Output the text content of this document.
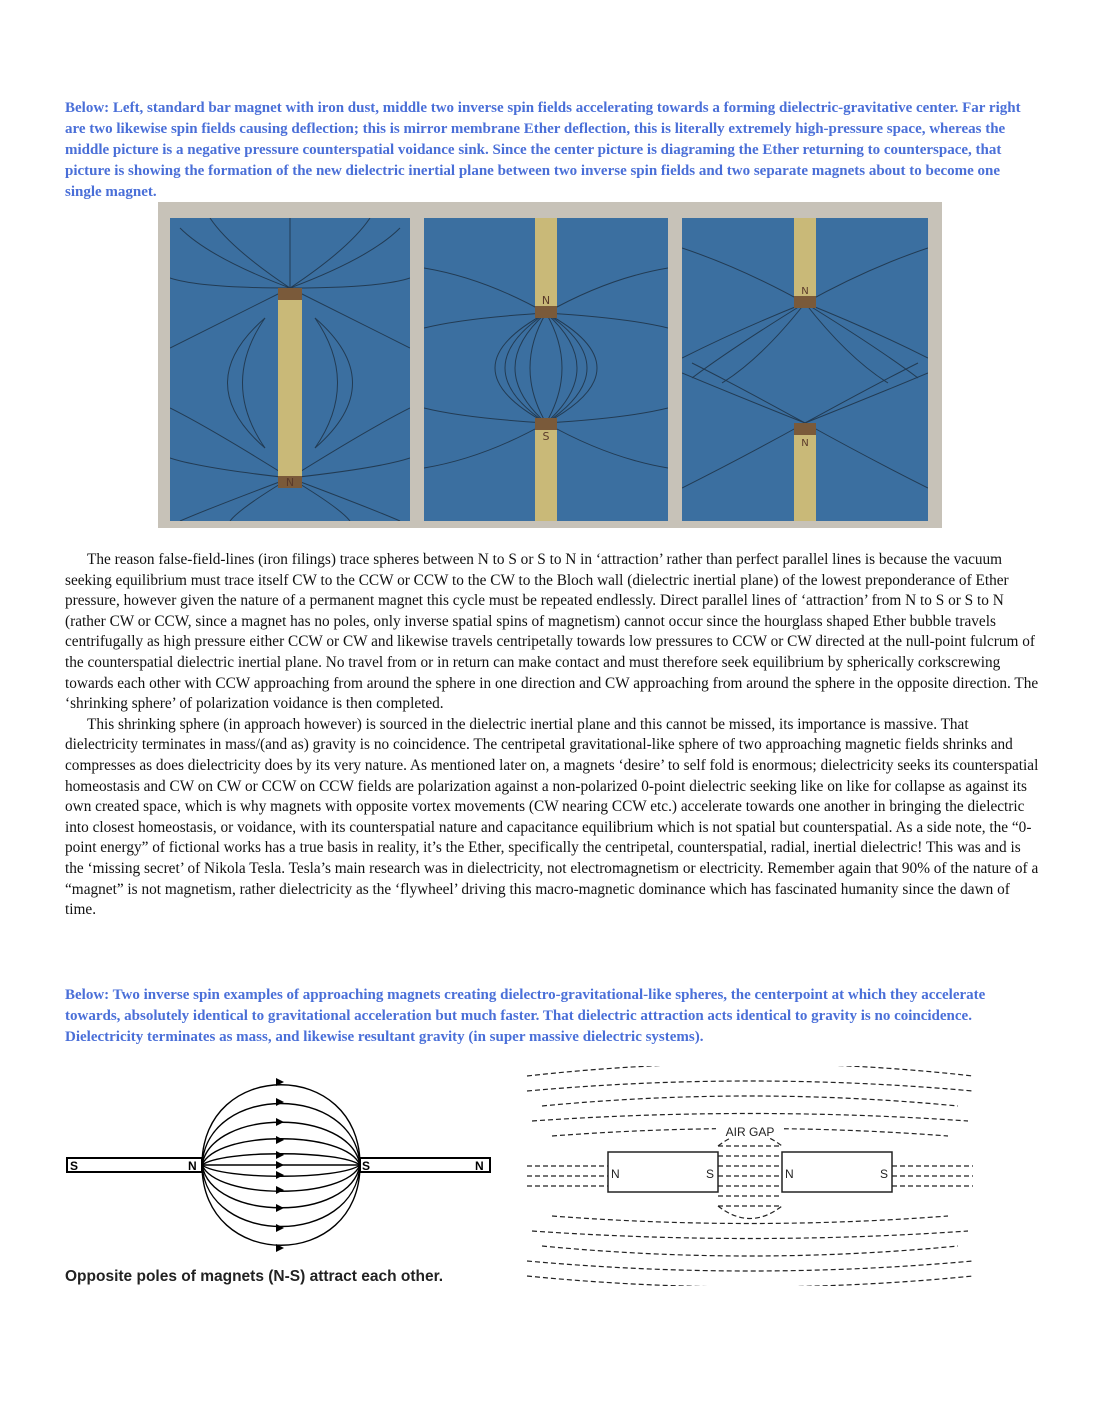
Below: Left, standard bar magnet with iron dust, middle two inverse spin fields accelerating towards a forming dielectric-gravitative center. Far right are two likewise spin fields causing deflection; this is mirror membrane Ether deflection, this is literally extremely high-pressure space, whereas the middle picture is a negative pressure counterspatial voidance sink. Since the center picture is diagraming the Ether returning to counterspace, that picture is showing the formation of the new dielectric inertial plane between two inverse spin fields and two separate magnets about to become one single magnet.

N
N
S
N
N

The reason false-field-lines (iron filings) trace spheres between N to S or S to N in ‘attraction’ rather than perfect parallel lines is because the vacuum seeking equilibrium must trace itself CW to the CCW or CCW to the CW to the Bloch wall (dielectric inertial plane) of the lowest preponderance of Ether pressure, however given the nature of a permanent magnet this cycle must be repeated endlessly. Direct parallel lines of ‘attraction’ from N to S or S to N (rather CW or CCW, since a magnet has no poles, only inverse spatial spins of magnetism) cannot occur since the hourglass shaped Ether bubble travels centrifugally as high pressure either CCW or CW and likewise travels centripetally towards low pressures to CCW or CW directed at the null-point fulcrum of the counterspatial dielectric inertial plane. No travel from or in return can make contact and must therefore seek equilibrium by spherically corkscrewing towards each other with CCW approaching from around the sphere in one direction and CW approaching from around the sphere in the opposite direction. The ‘shrinking sphere’ of polarization voidance is then completed.

This shrinking sphere (in approach however) is sourced in the dielectric inertial plane and this cannot be missed, its importance is massive. That dielectricity terminates in mass/(and as) gravity is no coincidence. The centripetal gravitational-like sphere of two approaching magnetic fields shrinks and compresses as does dielectricity does by its very nature. As mentioned later on, a magnets ‘desire’ to self fold is enormous; dielectricity seeks its counterspatial homeostasis and CW on CW or CCW on CCW fields are polarization against a non-polarized 0-point dielectric seeking like on like for collapse as against its own created space, which is why magnets with opposite vortex movements (CW nearing CCW etc.) accelerate towards one another in bringing the dielectric into closest homeostasis, or voidance, with its counterspatial nature and capacitance equilibrium which is not spatial but counterspatial. As a side note, the “0-point energy” of fictional works has a true basis in reality, it’s the Ether, specifically the centripetal, counterspatial, radial, inertial dielectric! This was and is the ‘missing secret’ of Nikola Tesla. Tesla’s main research was in dielectricity, not electromagnetism or electricity. Remember again that 90% of the nature of a “magnet” is not magnetism, rather dielectricity as the ‘flywheel’ driving this macro-magnetic dominance which has fascinated humanity since the dawn of time.

Below: Two inverse spin examples of approaching magnets creating dielectro-gravitational-like spheres, the centerpoint at which they accelerate towards, absolutely identical to gravitational acceleration but much faster. That dielectric attraction acts identical to gravity is no coincidence. Dielectricity terminates as mass, and likewise resultant gravity (in super massive dielectric systems).

S	N	S	N

Opposite poles of magnets (N-S) attract each other.

AIR GAP
N	S	N	S
